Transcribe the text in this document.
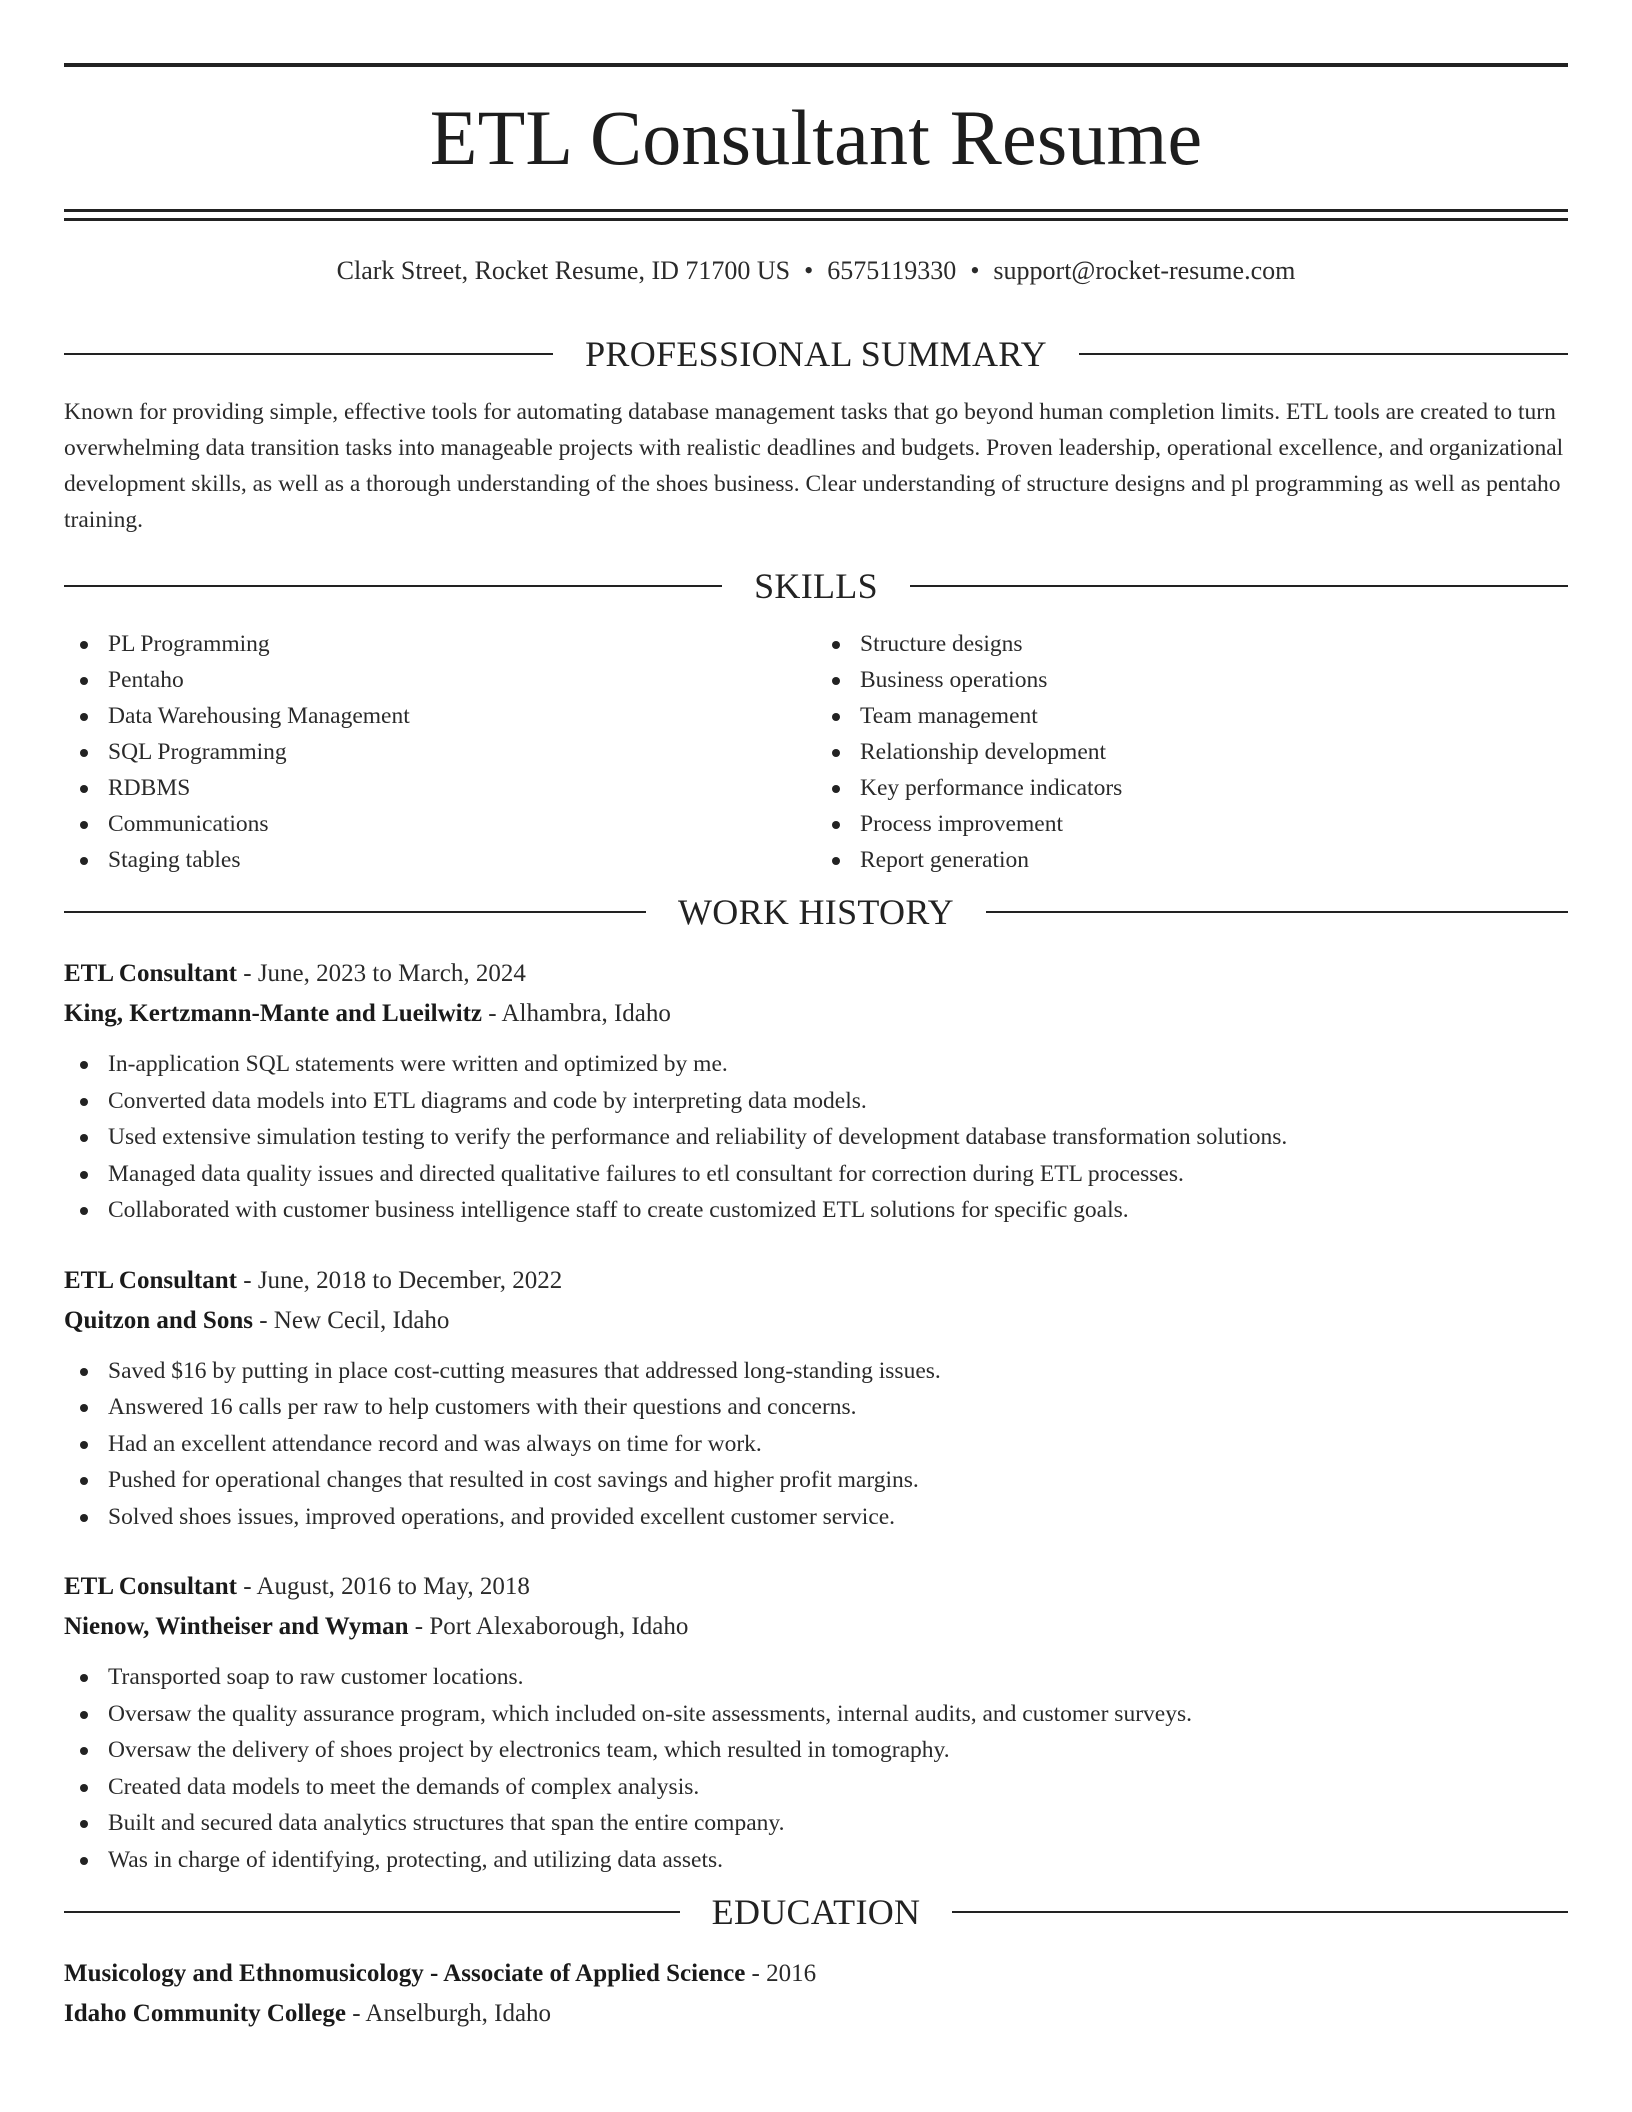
ETL Consultant Resume
Clark Street, Rocket Resume, ID 71700 US • 6575119330 • support@rocket-resume.com
PROFESSIONAL SUMMARY

Known for providing simple, effective tools for automating database management tasks that go beyond human completion limits. ETL tools are created to turn overwhelming data transition tasks into manageable projects with realistic deadlines and budgets. Proven leadership, operational excellence, and organizational development skills, as well as a thorough understanding of the shoes business. Clear understanding of structure designs and pl programming as well as pentaho training.

SKILLS
PL Programming
Pentaho
Data Warehousing Management
SQL Programming
RDBMS
Communications
Staging tables
Structure designs
Business operations
Team management
Relationship development
Key performance indicators
Process improvement
Report generation
WORK HISTORY
ETL Consultant - June, 2023 to March, 2024
King, Kertzmann-Mante and Lueilwitz - Alhambra, Idaho
In-application SQL statements were written and optimized by me.
Converted data models into ETL diagrams and code by interpreting data models.
Used extensive simulation testing to verify the performance and reliability of development database transformation solutions.
Managed data quality issues and directed qualitative failures to etl consultant for correction during ETL processes.
Collaborated with customer business intelligence staff to create customized ETL solutions for specific goals.
ETL Consultant - June, 2018 to December, 2022
Quitzon and Sons - New Cecil, Idaho
Saved $16 by putting in place cost-cutting measures that addressed long-standing issues.
Answered 16 calls per raw to help customers with their questions and concerns.
Had an excellent attendance record and was always on time for work.
Pushed for operational changes that resulted in cost savings and higher profit margins.
Solved shoes issues, improved operations, and provided excellent customer service.
ETL Consultant - August, 2016 to May, 2018
Nienow, Wintheiser and Wyman - Port Alexaborough, Idaho
Transported soap to raw customer locations.
Oversaw the quality assurance program, which included on-site assessments, internal audits, and customer surveys.
Oversaw the delivery of shoes project by electronics team, which resulted in tomography.
Created data models to meet the demands of complex analysis.
Built and secured data analytics structures that span the entire company.
Was in charge of identifying, protecting, and utilizing data assets.
EDUCATION
Musicology and Ethnomusicology - Associate of Applied Science - 2016
Idaho Community College - Anselburgh, Idaho
